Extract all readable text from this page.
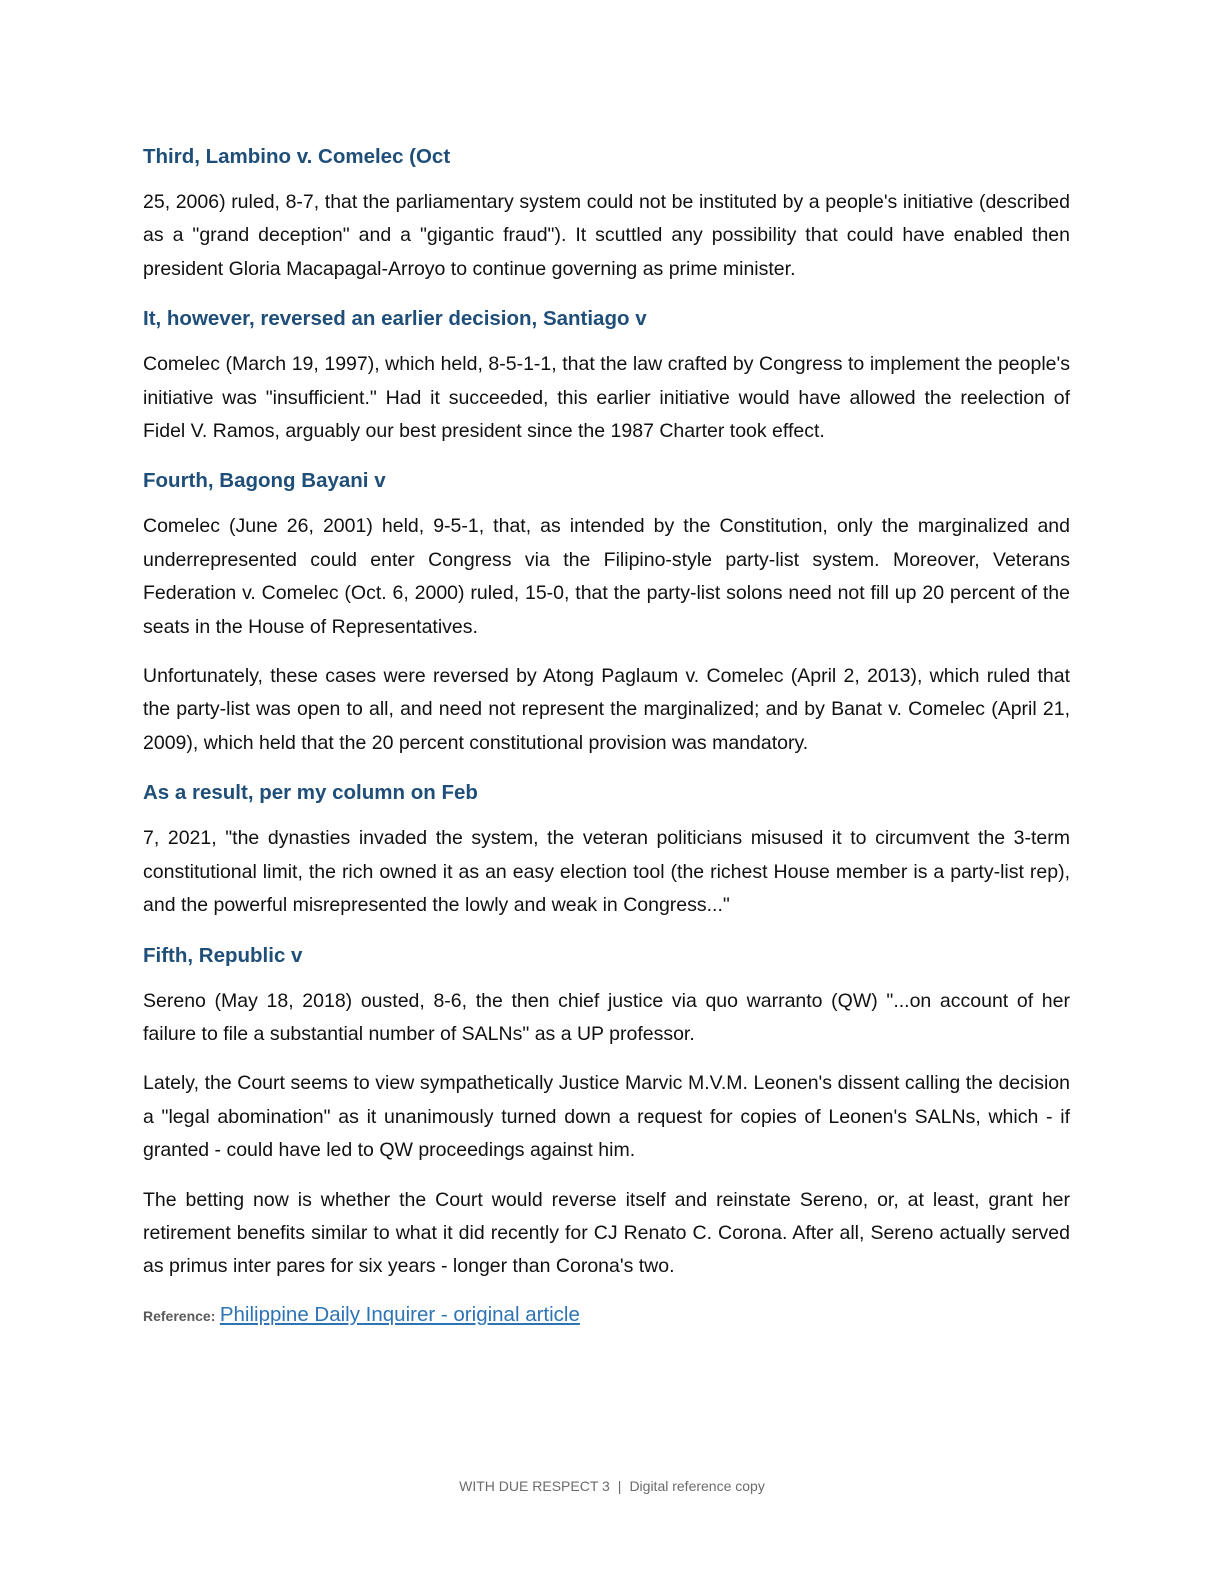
Third, Lambino v. Comelec (Oct

25, 2006) ruled, 8-7, that the parliamentary system could not be instituted by a people's initiative (described as a "grand deception" and a "gigantic fraud"). It scuttled any possibility that could have enabled then president Gloria Macapagal-Arroyo to continue governing as prime minister.

It, however, reversed an earlier decision, Santiago v

Comelec (March 19, 1997), which held, 8-5-1-1, that the law crafted by Congress to implement the people's initiative was "insufficient." Had it succeeded, this earlier initiative would have allowed the reelection of Fidel V. Ramos, arguably our best president since the 1987 Charter took effect.

Fourth, Bagong Bayani v

Comelec (June 26, 2001) held, 9-5-1, that, as intended by the Constitution, only the marginalized and underrepresented could enter Congress via the Filipino-style party-list system. Moreover, Veterans Federation v. Comelec (Oct. 6, 2000) ruled, 15-0, that the party-list solons need not fill up 20 percent of the seats in the House of Representatives.

Unfortunately, these cases were reversed by Atong Paglaum v. Comelec (April 2, 2013), which ruled that the party-list was open to all, and need not represent the marginalized; and by Banat v. Comelec (April 21, 2009), which held that the 20 percent constitutional provision was mandatory.

As a result, per my column on Feb

7, 2021, "the dynasties invaded the system, the veteran politicians misused it to circumvent the 3-term constitutional limit, the rich owned it as an easy election tool (the richest House member is a party-list rep), and the powerful misrepresented the lowly and weak in Congress..."

Fifth, Republic v

Sereno (May 18, 2018) ousted, 8-6, the then chief justice via quo warranto (QW) "...on account of her failure to file a substantial number of SALNs" as a UP professor.

Lately, the Court seems to view sympathetically Justice Marvic M.V.M. Leonen's dissent calling the decision a "legal abomination" as it unanimously turned down a request for copies of Leonen's SALNs, which - if granted - could have led to QW proceedings against him.

The betting now is whether the Court would reverse itself and reinstate Sereno, or, at least, grant her retirement benefits similar to what it did recently for CJ Renato C. Corona. After all, Sereno actually served as primus inter pares for six years - longer than Corona's two.

Reference: Philippine Daily Inquirer - original article
WITH DUE RESPECT 3 | Digital reference copy
